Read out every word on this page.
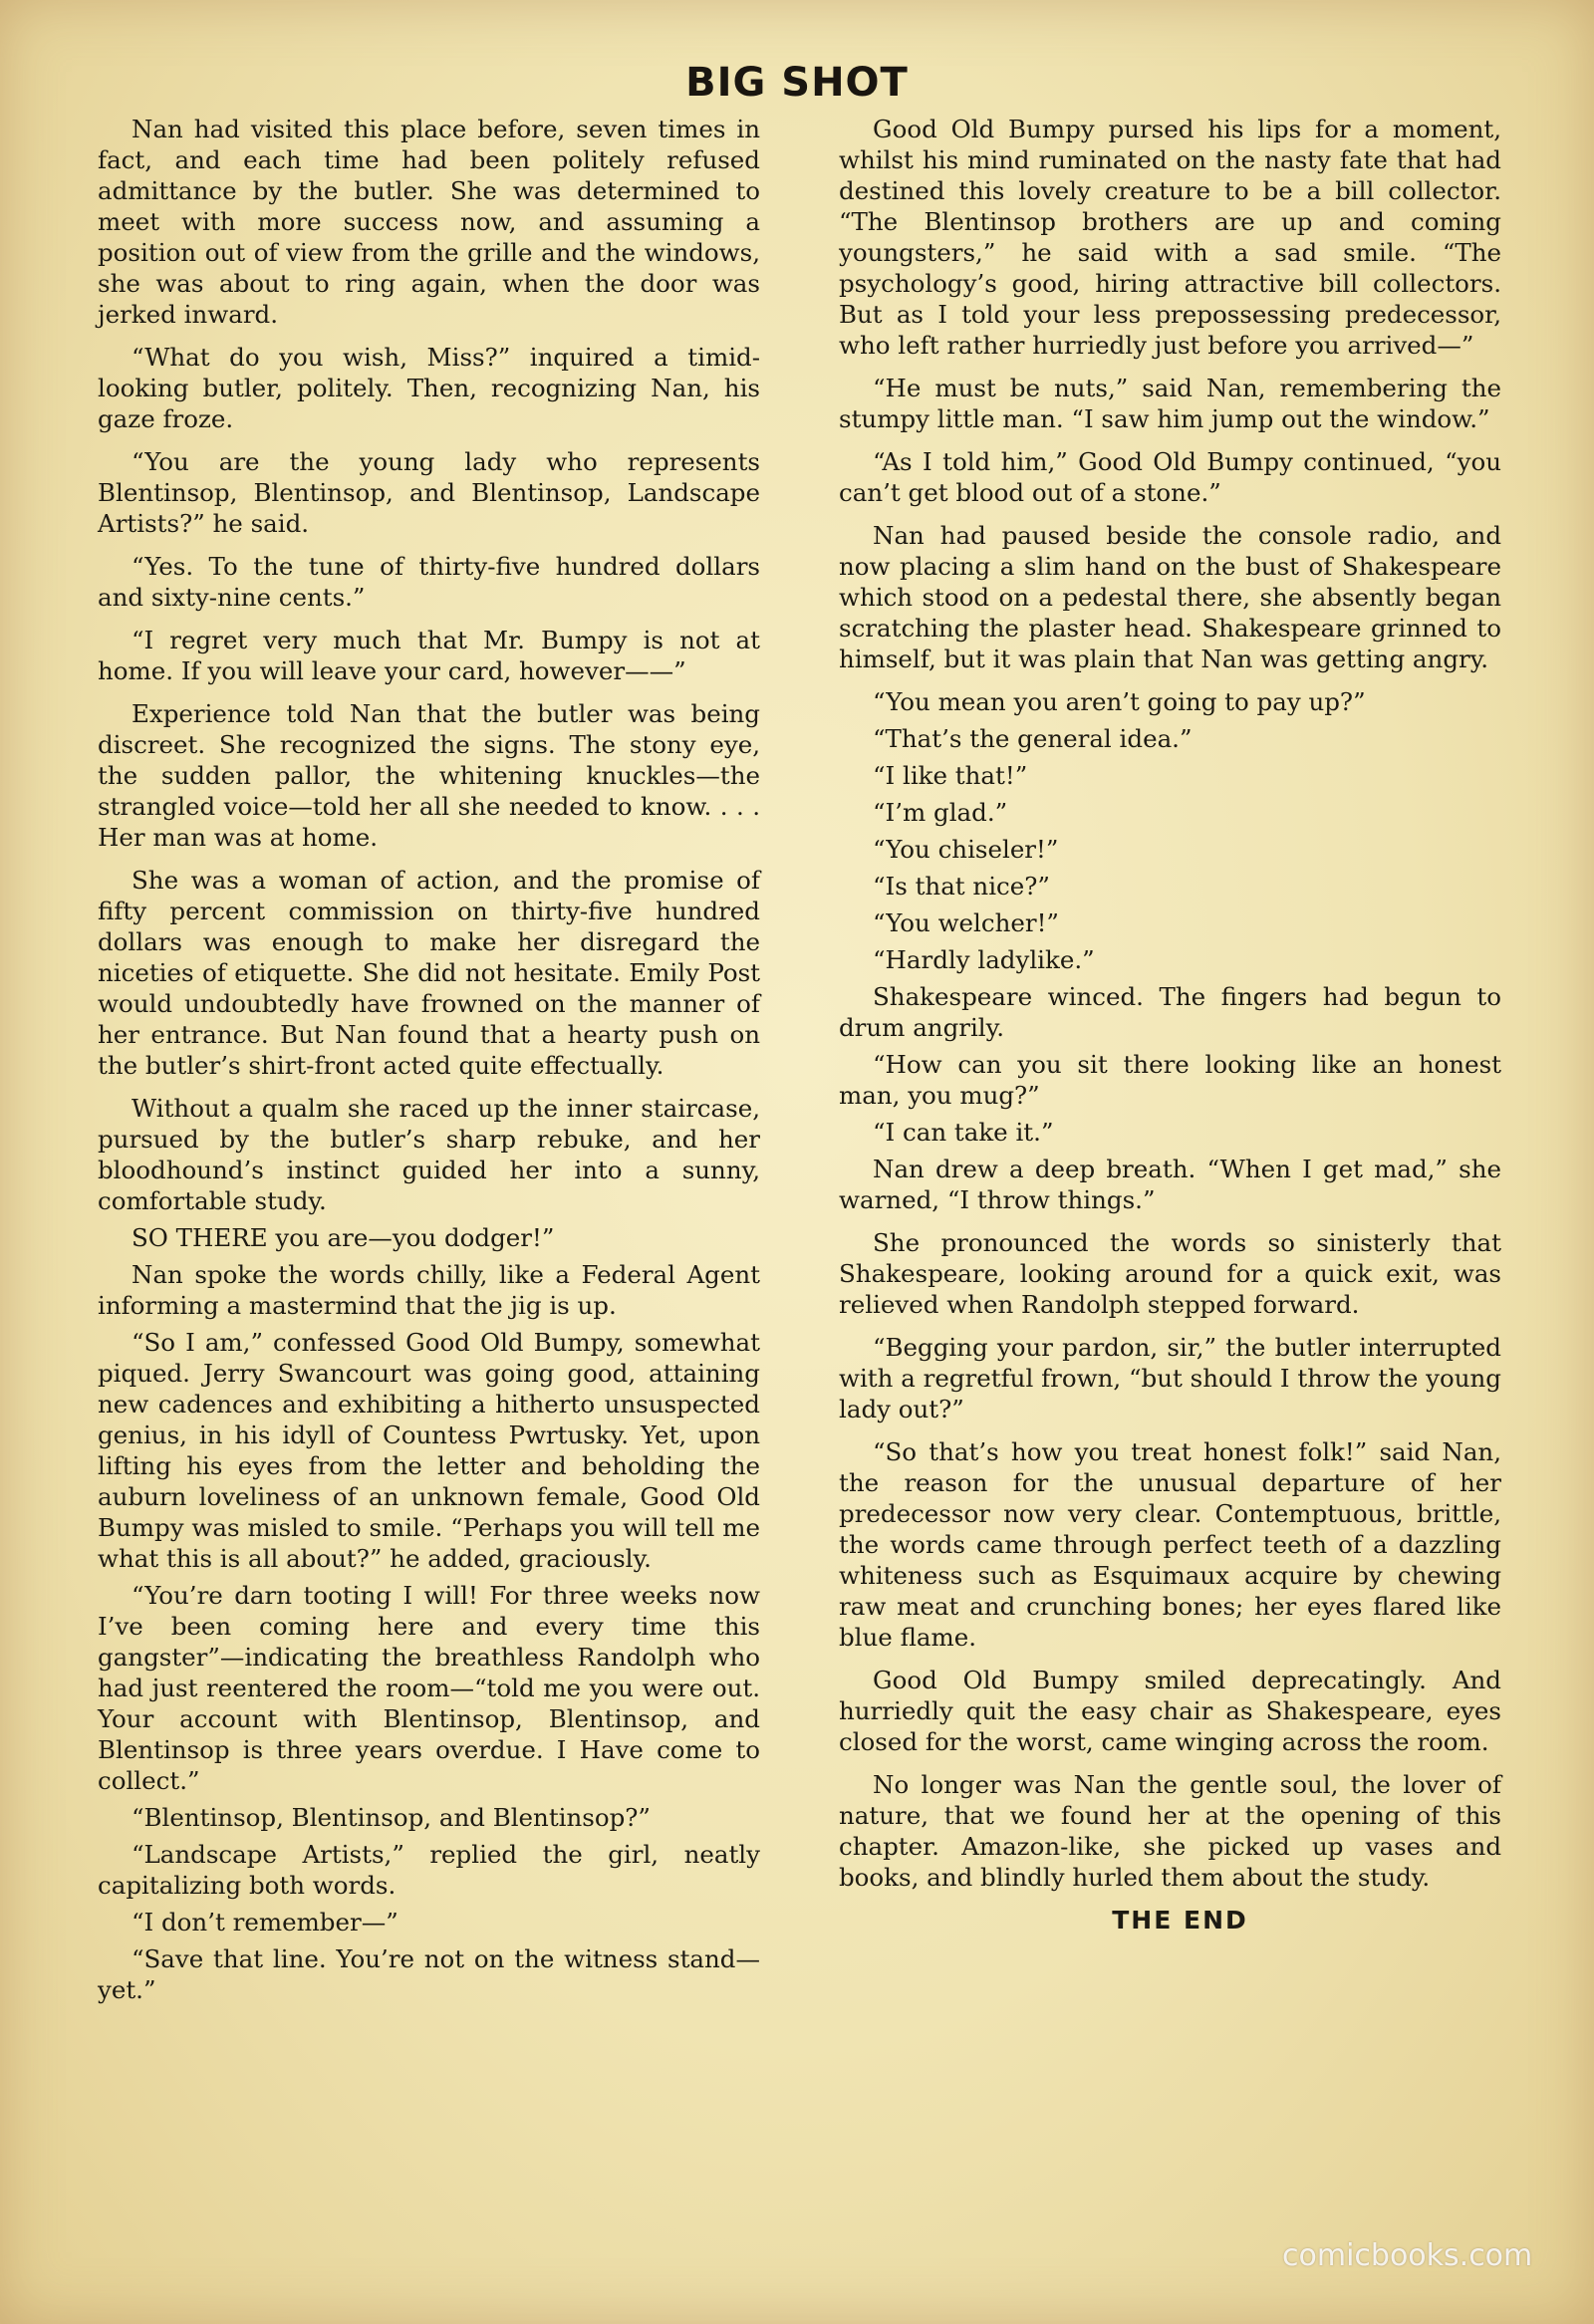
BIG SHOT

Nan had visited this place before, seven times in fact, and each time had been politely refused admittance by the butler. She was determined to meet with more success now, and assuming a position out of view from the grille and the windows, she was about to ring again, when the door was jerked inward.

“What do you wish, Miss?” inquired a timid-looking butler, politely. Then, recognizing Nan, his gaze froze.

“You are the young lady who represents Blentinsop, Blentinsop, and Blentinsop, Landscape Artists?” he said.

“Yes. To the tune of thirty-five hundred dollars and sixty-nine cents.”

“I regret very much that Mr. Bumpy is not at home. If you will leave your card, however——”

Experience told Nan that the butler was being discreet. She recognized the signs. The stony eye, the sudden pallor, the whitening knuckles—the strangled voice—told her all she needed to know. . . . Her man was at home.

She was a woman of action, and the promise of fifty percent commission on thirty-five hundred dollars was enough to make her disregard the niceties of etiquette. She did not hesitate. Emily Post would undoubtedly have frowned on the manner of her entrance. But Nan found that a hearty push on the butler’s shirt-front acted quite effectually.

Without a qualm she raced up the inner staircase, pursued by the butler’s sharp rebuke, and her bloodhound’s instinct guided her into a sunny, comfortable study.

SO THERE you are—you dodger!”

Nan spoke the words chilly, like a Federal Agent informing a mastermind that the jig is up.

“So I am,” confessed Good Old Bumpy, somewhat piqued. Jerry Swancourt was going good, attaining new cadences and exhibiting a hitherto unsuspected genius, in his idyll of Countess Pwrtusky. Yet, upon lifting his eyes from the letter and beholding the auburn loveliness of an unknown female, Good Old Bumpy was misled to smile. “Perhaps you will tell me what this is all about?” he added, graciously.

“You’re darn tooting I will! For three weeks now I’ve been coming here and every time this gangster”—indicating the breathless Randolph who had just reentered the room—“told me you were out. Your account with Blentinsop, Blentinsop, and Blentinsop is three years overdue. I Have come to collect.”

“Blentinsop, Blentinsop, and Blentinsop?”

“Landscape Artists,” replied the girl, neatly capitalizing both words.

“I don’t remember—”

“Save that line. You’re not on the witness stand—yet.”

Good Old Bumpy pursed his lips for a moment, whilst his mind ruminated on the nasty fate that had destined this lovely creature to be a bill collector. “The Blentinsop brothers are up and coming youngsters,” he said with a sad smile. “The psychology’s good, hiring attractive bill collectors. But as I told your less prepossessing predecessor, who left rather hurriedly just before you arrived—”

“He must be nuts,” said Nan, remembering the stumpy little man. “I saw him jump out the window.”

“As I told him,” Good Old Bumpy continued, “you can’t get blood out of a stone.”

Nan had paused beside the console radio, and now placing a slim hand on the bust of Shakespeare which stood on a pedestal there, she absently began scratching the plaster head. Shakespeare grinned to himself, but it was plain that Nan was getting angry.

“You mean you aren’t going to pay up?”

“That’s the general idea.”

“I like that!”

“I’m glad.”

“You chiseler!”

“Is that nice?”

“You welcher!”

“Hardly ladylike.”

Shakespeare winced. The fingers had begun to drum angrily.

“How can you sit there looking like an honest man, you mug?”

“I can take it.”

Nan drew a deep breath. “When I get mad,” she warned, “I throw things.”

She pronounced the words so sinisterly that Shakespeare, looking around for a quick exit, was relieved when Randolph stepped forward.

“Begging your pardon, sir,” the butler interrupted with a regretful frown, “but should I throw the young lady out?”

“So that’s how you treat honest folk!” said Nan, the reason for the unusual departure of her predecessor now very clear. Contemptuous, brittle, the words came through perfect teeth of a dazzling whiteness such as Esquimaux acquire by chewing raw meat and crunching bones; her eyes flared like blue flame.

Good Old Bumpy smiled deprecatingly. And hurriedly quit the easy chair as Shakespeare, eyes closed for the worst, came winging across the room.

No longer was Nan the gentle soul, the lover of nature, that we found her at the opening of this chapter. Amazon-like, she picked up vases and books, and blindly hurled them about the study.

THE END
comicbooks.com
